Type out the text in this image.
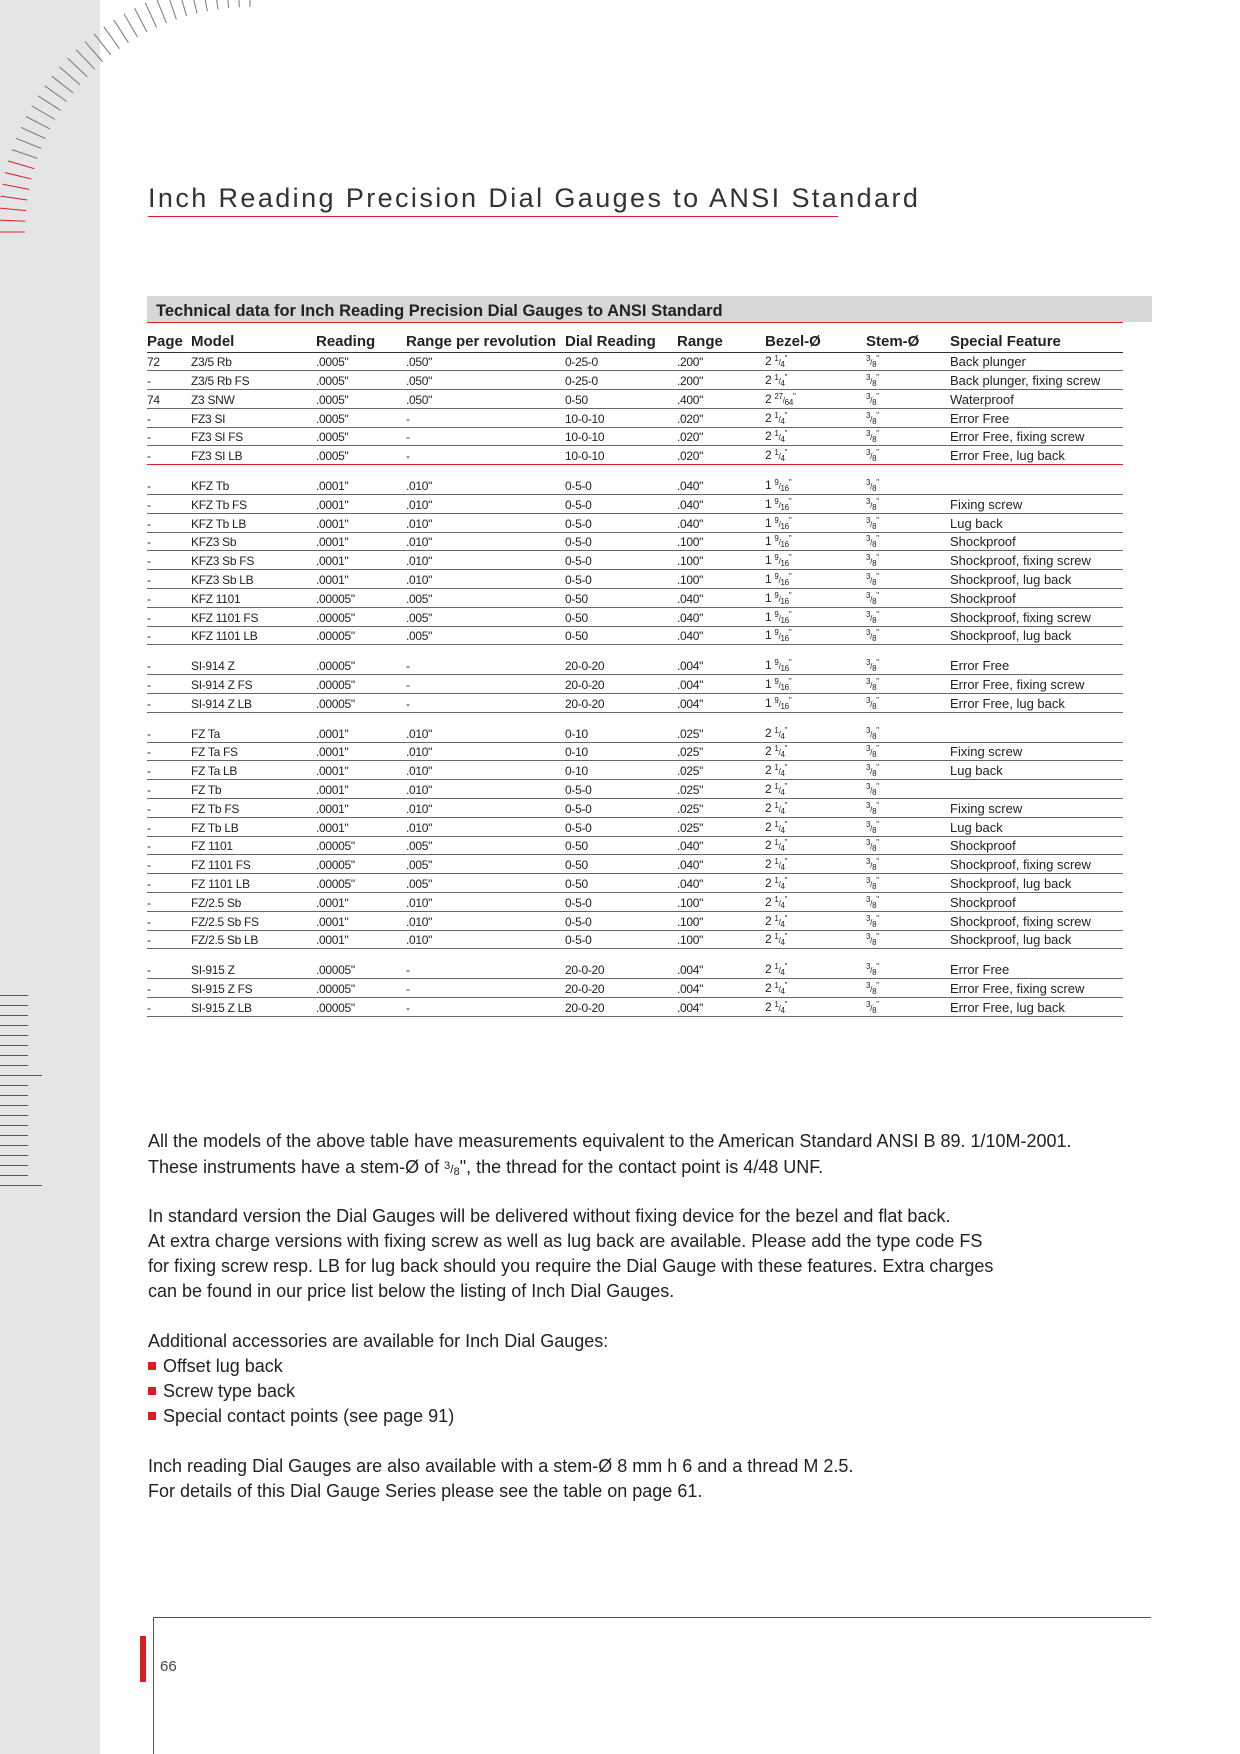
Inch Reading Precision Dial Gauges to ANSI Standard
Technical data for Inch Reading Precision Dial Gauges to ANSI Standard
Page	Model	Reading	Range per revolution	Dial Reading	Range	Bezel-Ø	Stem-Ø	Special Feature
72	Z3/5 Rb	.0005"	.050"	0-25-0	.200"	2 $^1$/4"	$^3$/8"	Back plunger
-	Z3/5 Rb FS	.0005"	.050"	0-25-0	.200"	2 $^1$/4"	$^3$/8"	Back plunger, fixing screw
74	Z3 SNW	.0005"	.050"	0-50	.400"	2 $^{27}$/64"	$^3$/8"	Waterproof
-	FZ3 SI	.0005"	-	10-0-10	.020"	2 $^1$/4"	$^3$/8"	Error Free
-	FZ3 SI FS	.0005"	-	10-0-10	.020"	2 $^1$/4"	$^3$/8"	Error Free, fixing screw
-	FZ3 SI LB	.0005"	-	10-0-10	.020"	2 $^1$/4"	$^3$/8"	Error Free, lug back

-	KFZ Tb	.0001"	.010"	0-5-0	.040"	1 $^9$/16"	$^3$/8"	
-	KFZ Tb FS	.0001"	.010"	0-5-0	.040"	1 $^9$/16"	$^3$/8"	Fixing screw
-	KFZ Tb LB	.0001"	.010"	0-5-0	.040"	1 $^9$/16"	$^3$/8"	Lug back
-	KFZ3 Sb	.0001"	.010"	0-5-0	.100"	1 $^9$/16"	$^3$/8"	Shockproof
-	KFZ3 Sb FS	.0001"	.010"	0-5-0	.100"	1 $^9$/16"	$^3$/8"	Shockproof, fixing screw
-	KFZ3 Sb LB	.0001"	.010"	0-5-0	.100"	1 $^9$/16"	$^3$/8"	Shockproof, lug back
-	KFZ 1101	.00005"	.005"	0-50	.040"	1 $^9$/16"	$^3$/8"	Shockproof
-	KFZ 1101 FS	.00005"	.005"	0-50	.040"	1 $^9$/16"	$^3$/8"	Shockproof, fixing screw
-	KFZ 1101 LB	.00005"	.005"	0-50	.040"	1 $^9$/16"	$^3$/8"	Shockproof, lug back

-	SI-914 Z	.00005"	-	20-0-20	.004"	1 $^9$/16"	$^3$/8"	Error Free
-	SI-914 Z FS	.00005"	-	20-0-20	.004"	1 $^9$/16"	$^3$/8"	Error Free, fixing screw
-	SI-914 Z LB	.00005"	-	20-0-20	.004"	1 $^9$/16"	$^3$/8"	Error Free, lug back

-	FZ Ta	.0001"	.010"	0-10	.025"	2 $^1$/4"	$^3$/8"	
-	FZ Ta FS	.0001"	.010"	0-10	.025"	2 $^1$/4"	$^3$/8"	Fixing screw
-	FZ Ta LB	.0001"	.010"	0-10	.025"	2 $^1$/4"	$^3$/8"	Lug back
-	FZ Tb	.0001"	.010"	0-5-0	.025"	2 $^1$/4"	$^3$/8"	
-	FZ Tb FS	.0001"	.010"	0-5-0	.025"	2 $^1$/4"	$^3$/8"	Fixing screw
-	FZ Tb LB	.0001"	.010"	0-5-0	.025"	2 $^1$/4"	$^3$/8"	Lug back
-	FZ 1101	.00005"	.005"	0-50	.040"	2 $^1$/4"	$^3$/8"	Shockproof
-	FZ 1101 FS	.00005"	.005"	0-50	.040"	2 $^1$/4"	$^3$/8"	Shockproof, fixing screw
-	FZ 1101 LB	.00005"	.005"	0-50	.040"	2 $^1$/4"	$^3$/8"	Shockproof, lug back
-	FZ/2.5 Sb	.0001"	.010"	0-5-0	.100"	2 $^1$/4"	$^3$/8"	Shockproof
-	FZ/2.5 Sb FS	.0001"	.010"	0-5-0	.100"	2 $^1$/4"	$^3$/8"	Shockproof, fixing screw
-	FZ/2.5 Sb LB	.0001"	.010"	0-5-0	.100"	2 $^1$/4"	$^3$/8"	Shockproof, lug back

-	SI-915 Z	.00005"	-	20-0-20	.004"	2 $^1$/4"	$^3$/8"	Error Free
-	SI-915 Z FS	.00005"	-	20-0-20	.004"	2 $^1$/4"	$^3$/8"	Error Free, fixing screw
-	SI-915 Z LB	.00005"	-	20-0-20	.004"	2 $^1$/4"	$^3$/8"	Error Free, lug back
All the models of the above table have measurements equivalent to the American Standard ANSI B 89. 1/10M-2001.
These instruments have a stem-Ø of $^3$/8", the thread for the contact point is 4/48 UNF.
In standard version the Dial Gauges will be delivered without fixing device for the bezel and flat back.
At extra charge versions with fixing screw as well as lug back are available. Please add the type code FS
for fixing screw resp. LB for lug back should you require the Dial Gauge with these features. Extra charges
can be found in our price list below the listing of Inch Dial Gauges.
Additional accessories are available for Inch Dial Gauges:
Offset lug back
Screw type back
Special contact points (see page 91)
Inch reading Dial Gauges are also available with a stem-Ø 8 mm h 6 and a thread M 2.5.
For details of this Dial Gauge Series please see the table on page 61.
66
